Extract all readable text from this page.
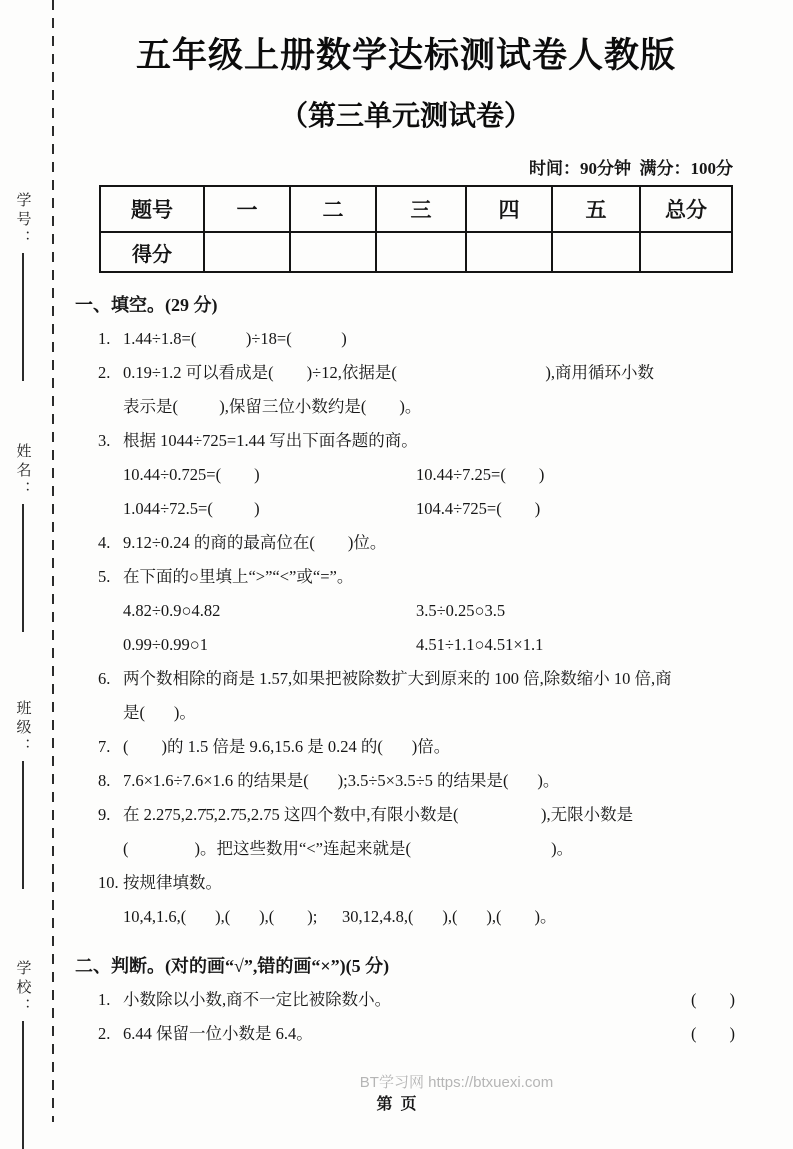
学号：
姓名：
班级：
学校：
五年级上册数学达标测试卷人教版
（第三单元测试卷）
时间：90分钟  满分：100分
题号	一	二	三	四	五	总分
得分						
一、填空。(29 分)
1. 1.44÷1.8=(            )÷18=(            )
2. 0.19÷1.2 可以看成是(        )÷12,依据是(                                    ),商用循环小数
表示是(          ),保留三位小数约是(        )。
3. 根据 1044÷725=1.44 写出下面各题的商。
10.44÷0.725=(        )	10.44÷7.25=(        )
1.044÷72.5=(          )	104.4÷725=(        )
4. 9.12÷0.24 的商的最高位在(        )位。
5. 在下面的○里填上“>”“<”或“=”。
4.82÷0.9○4.82	3.5÷0.25○3.5
0.99÷0.99○1	4.51÷1.1○4.51×1.1
6. 两个数相除的商是 1.57,如果把被除数扩大到原来的 100 倍,除数缩小 10 倍,商
是(       )。
7. (        )的 1.5 倍是 9.6,15.6 是 0.24 的(       )倍。
8. 7.6×1.6÷7.6×1.6 的结果是(       );3.5÷5×3.5÷5 的结果是(       )。
9. 在 2.275,2.7̇5̇,2.7̇5,2.75 这四个数中,有限小数是(                    ),无限小数是
(                )。把这些数用“<”连起来就是(                                  )。
10. 按规律填数。
10,4,1.6,(       ),(       ),(        );      30,12,4.8,(       ),(       ),(        )。
二、判断。(对的画“√”,错的画“×”)(5 分)
1. 小数除以小数,商不一定比被除数小。	(        )
2. 6.44 保留一位小数是 6.4。	(        )
BT学习网 https://btxuexi.com
第  页
